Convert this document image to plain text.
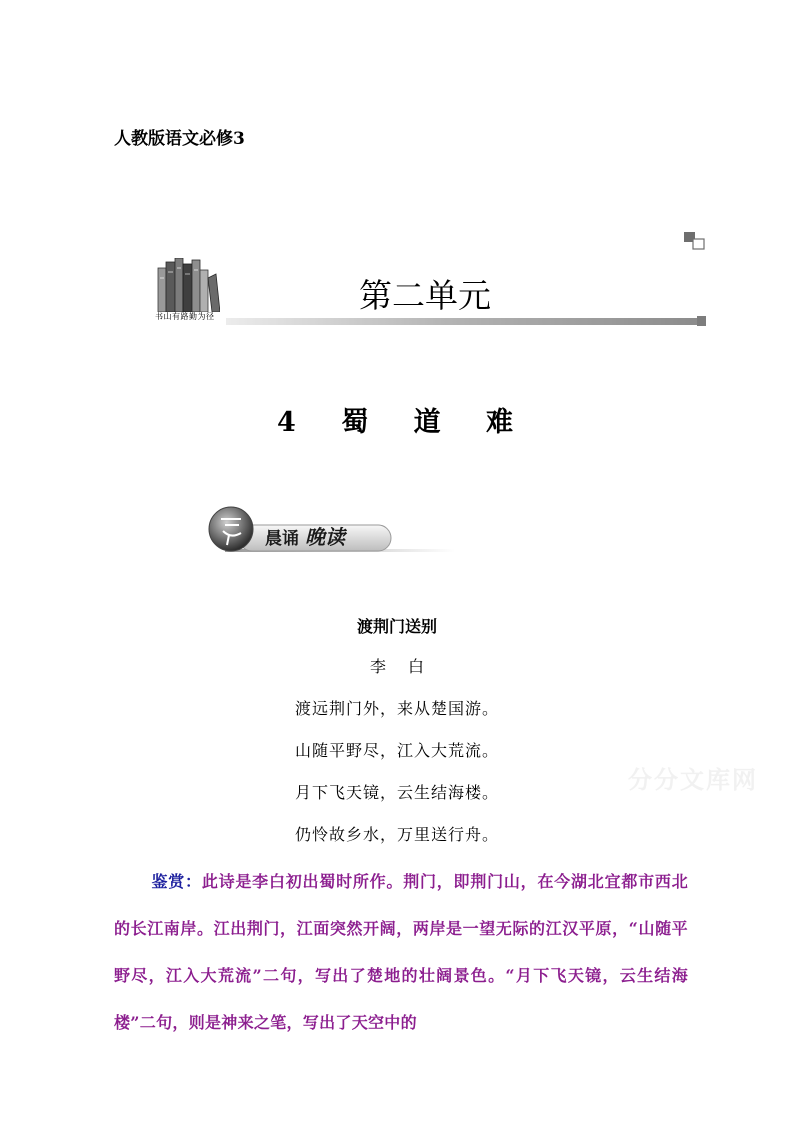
人教版语文必修3
书山有路勤为径
第二单元
4 蜀 道 难
晨诵 晚读
渡荆门送别
李白
渡远荆门外，来从楚国游。
山随平野尽，江入大荒流。
月下飞天镜，云生结海楼。
仍怜故乡水，万里送行舟。
分分文库网
鉴赏：此诗是李白初出蜀时所作。荆门，即荆门山，在今湖北宜都市西北的长江南岸。江出荆门，江面突然开阔，两岸是一望无际的江汉平原，“山随平野尽，江入大荒流”二句，写出了楚地的壮阔景色。“月下飞天镜，云生结海楼”二句，则是神来之笔，写出了天空中的
